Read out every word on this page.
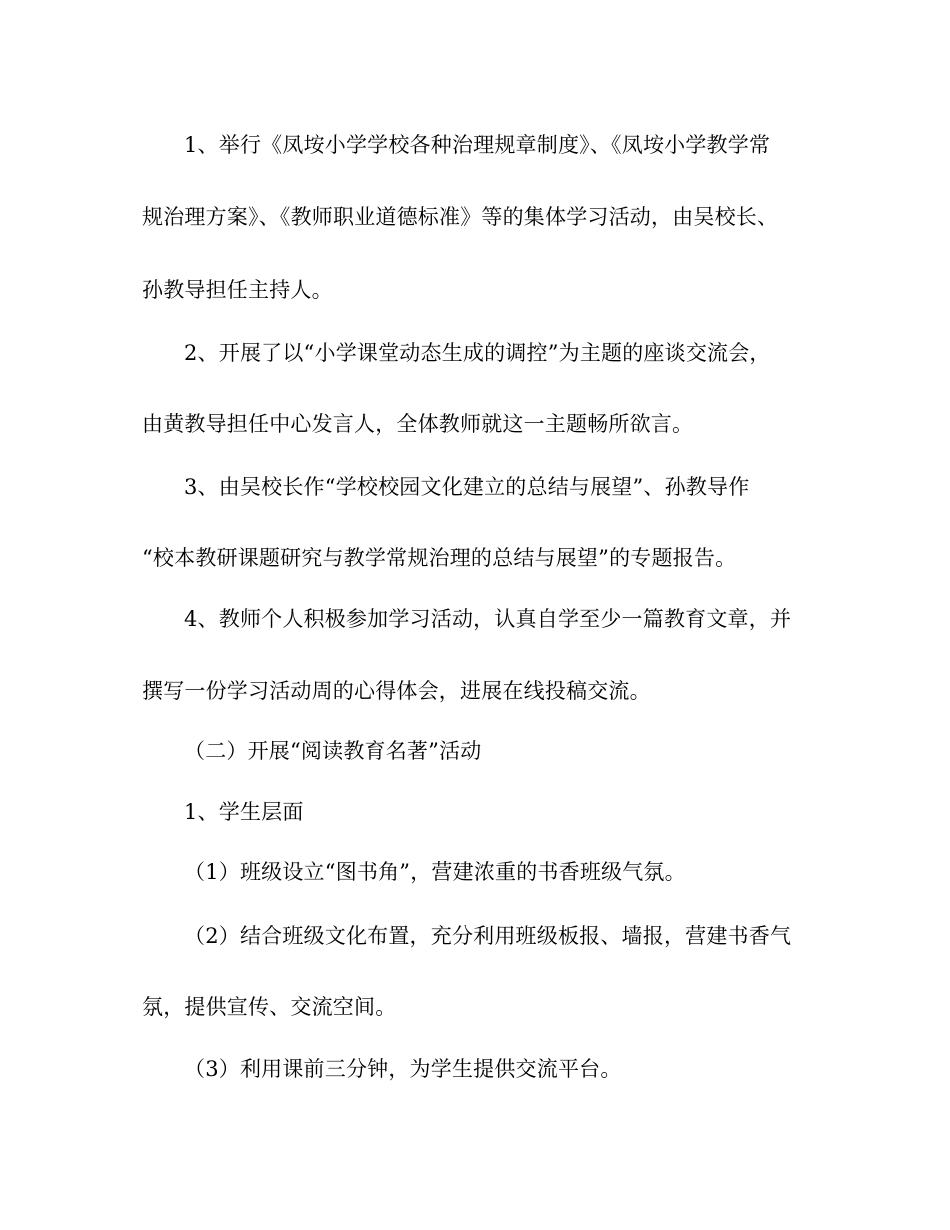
1、举行《凤垵小学学校各种治理规章制度》、《凤垵小学教学常
规治理方案》、《教师职业道德标准》等的集体学习活动，由吴校长、
孙教导担任主持人。
2、开展了以“小学课堂动态生成的调控”为主题的座谈交流会，
由黄教导担任中心发言人，全体教师就这一主题畅所欲言。
3、由吴校长作“学校校园文化建立的总结与展望”、孙教导作
“校本教研课题研究与教学常规治理的总结与展望”的专题报告。
4、教师个人积极参加学习活动，认真自学至少一篇教育文章，并
撰写一份学习活动周的心得体会，进展在线投稿交流。
（二）开展“阅读教育名著”活动
1、学生层面
（1）班级设立“图书角”，营建浓重的书香班级气氛。
（2）结合班级文化布置，充分利用班级板报、墙报，营建书香气
氛，提供宣传、交流空间。
（3）利用课前三分钟，为学生提供交流平台。
